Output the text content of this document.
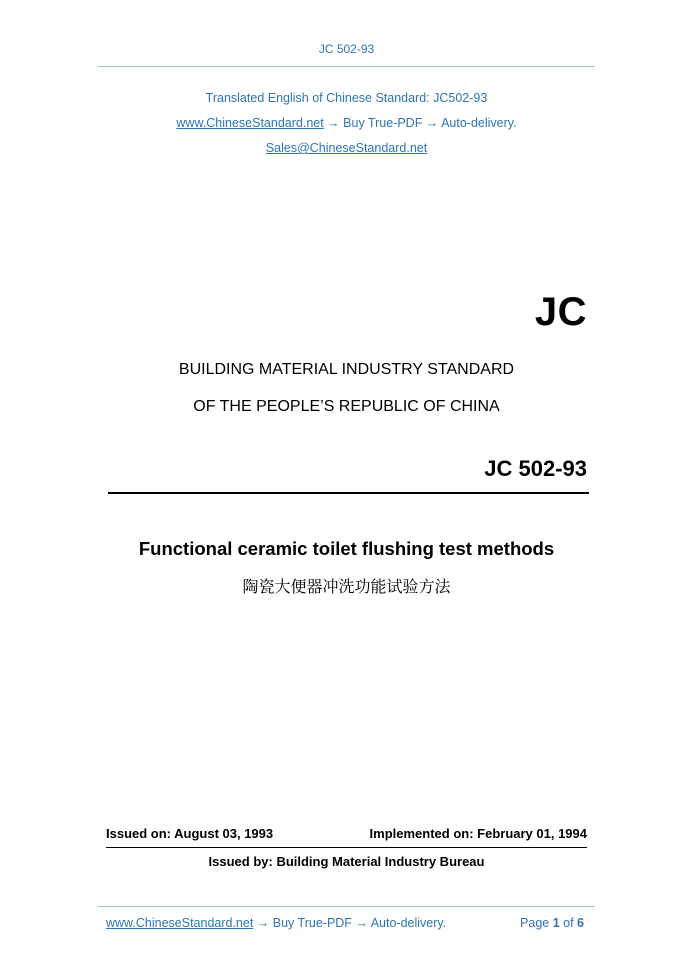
JC 502-93
Translated English of Chinese Standard: JC502-93
www.ChineseStandard.net → Buy True-PDF → Auto-delivery.
Sales@ChineseStandard.net
JC
BUILDING MATERIAL INDUSTRY STANDARD
OF THE PEOPLE’S REPUBLIC OF CHINA
JC 502-93
Functional ceramic toilet flushing test methods
陶瓷大便器冲洗功能试验方法
Issued on: August 03, 1993	Implemented on: February 01, 1994
Issued by: Building Material Industry Bureau
www.ChineseStandard.net → Buy True-PDF → Auto-delivery.	Page 1 of 6
